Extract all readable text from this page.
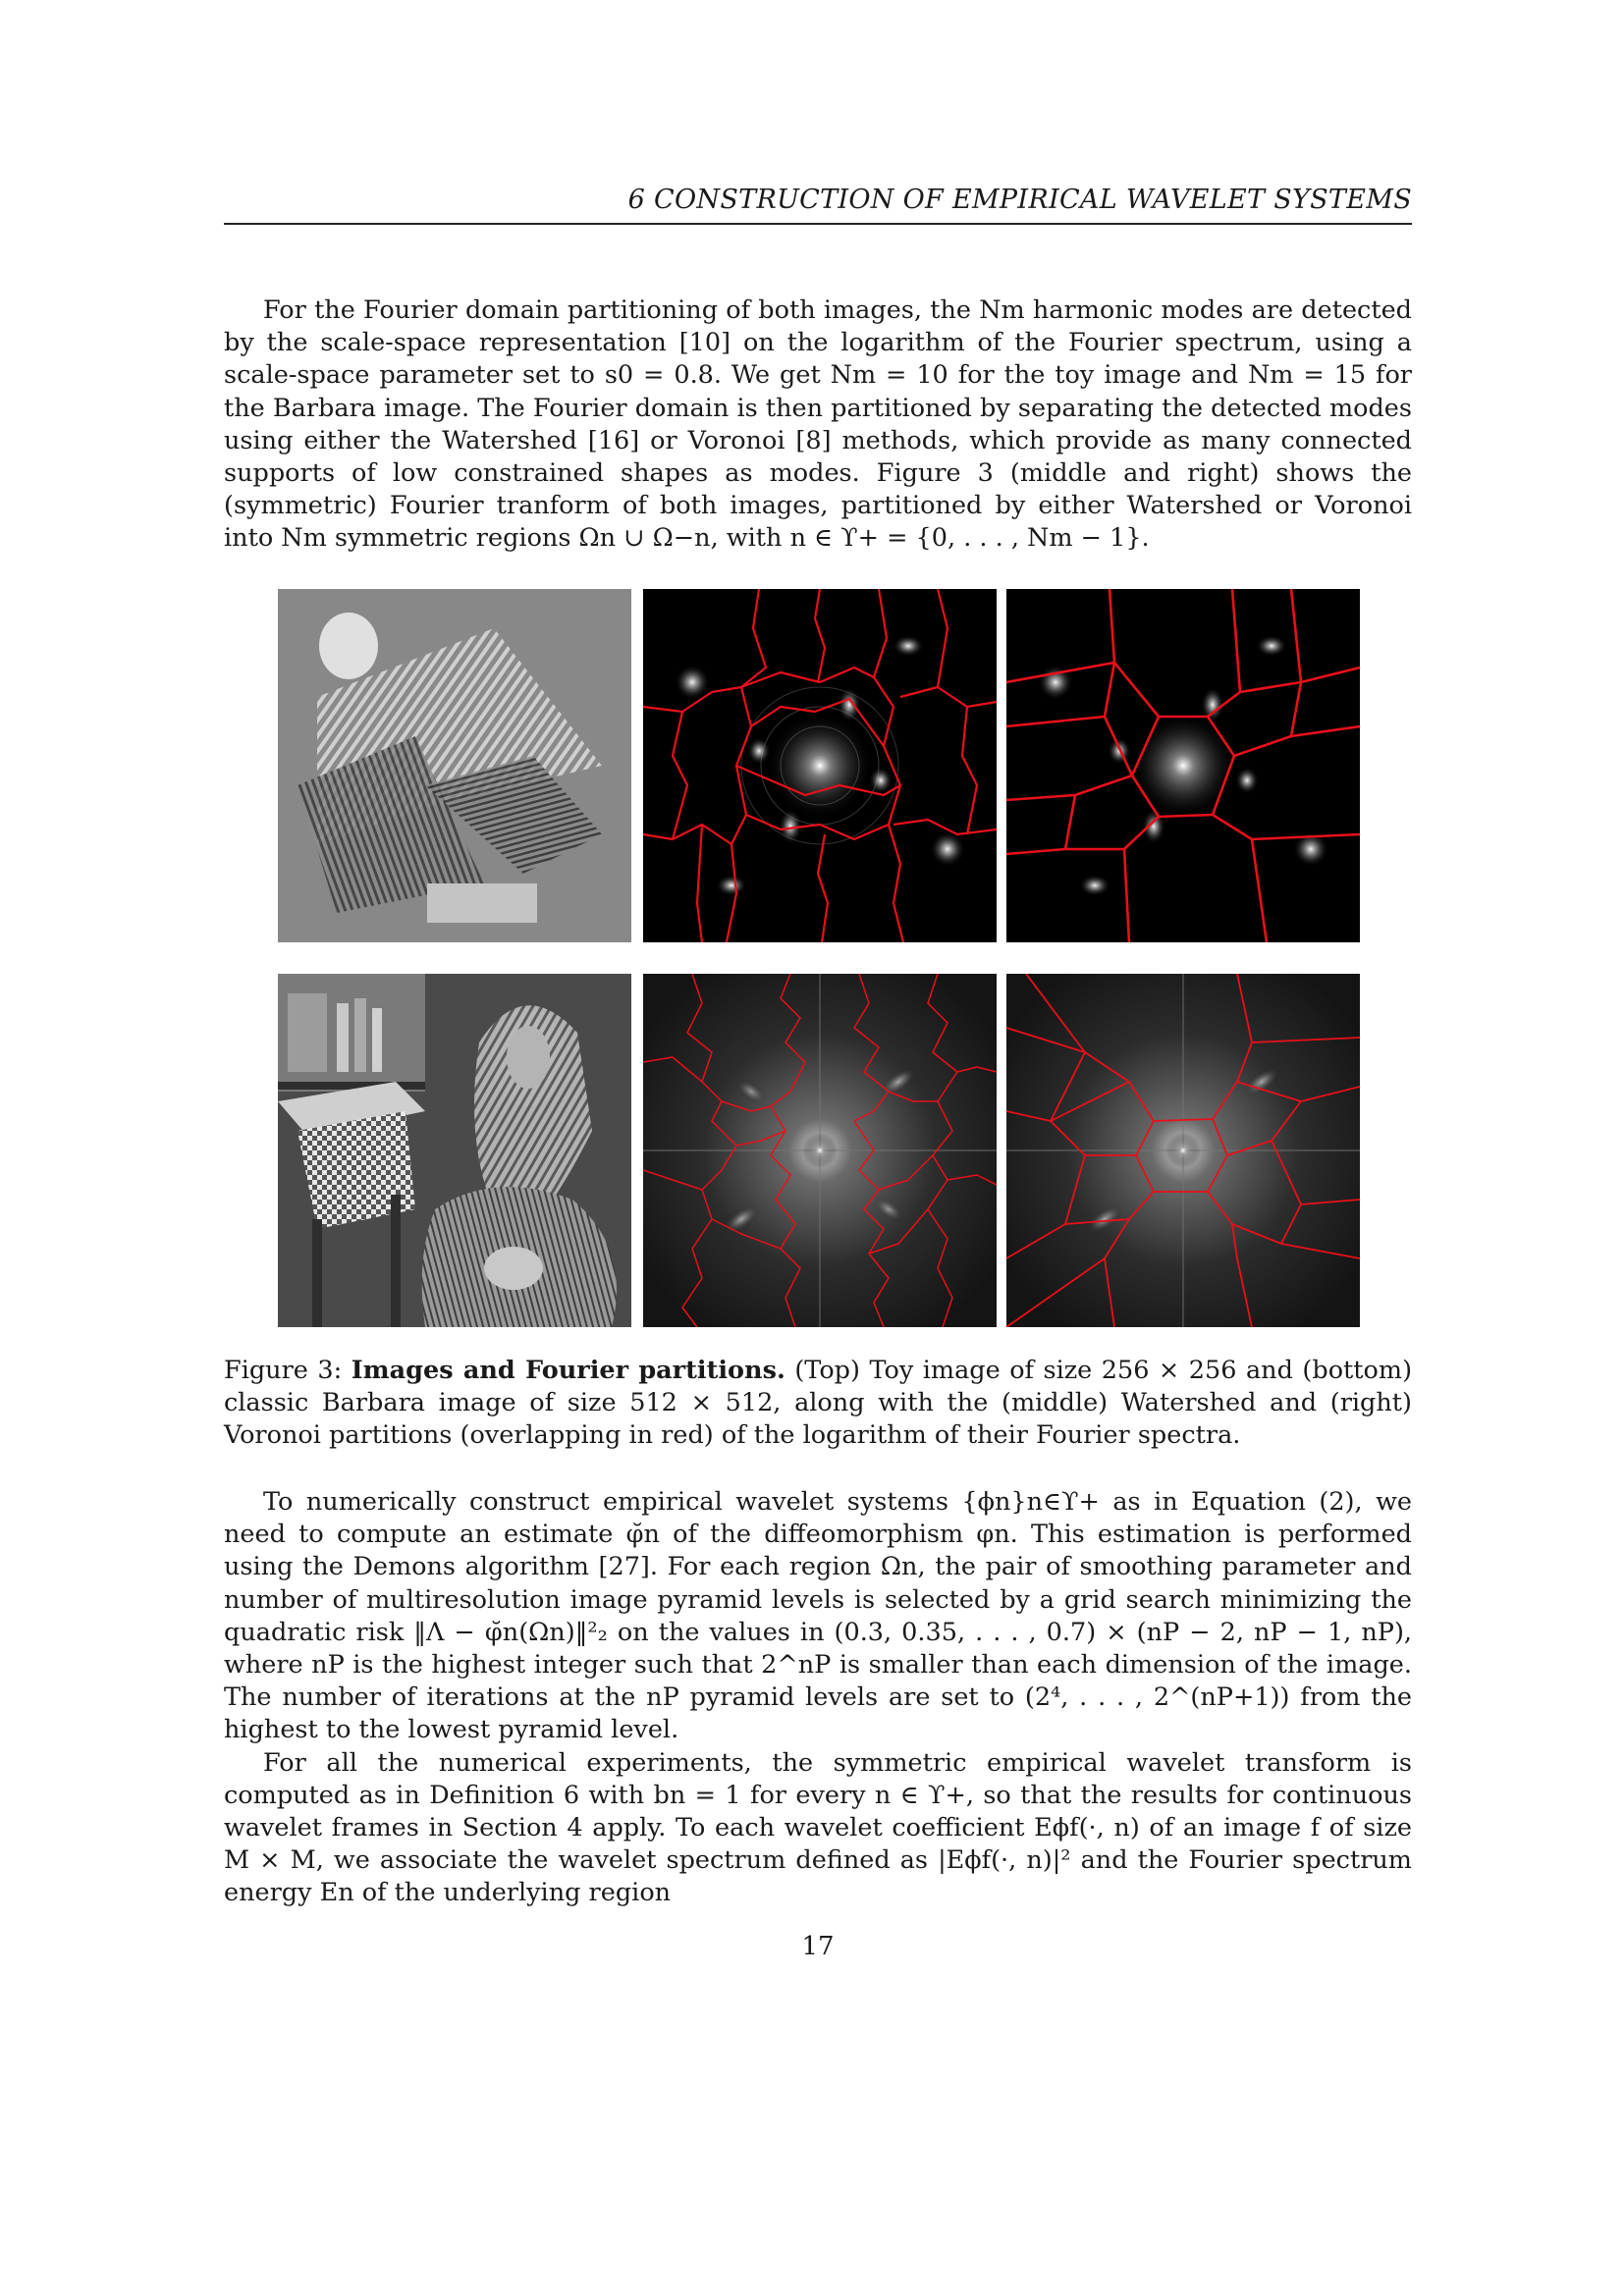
6 CONSTRUCTION OF EMPIRICAL WAVELET SYSTEMS

For the Fourier domain partitioning of both images, the Nm harmonic modes are detected by the scale-space representation [10] on the logarithm of the Fourier spectrum, using a scale-space parameter set to s0 = 0.8. We get Nm = 10 for the toy image and Nm = 15 for the Barbara image. The Fourier domain is then partitioned by separating the detected modes using either the Watershed [16] or Voronoi [8] methods, which provide as many connected supports of low constrained shapes as modes. Figure 3 (middle and right) shows the (symmetric) Fourier tranform of both images, partitioned by either Watershed or Voronoi into Nm symmetric regions Ωn ∪ Ω−n, with n ∈ ϒ+ = {0, . . . , Nm − 1}.

Figure 3: Images and Fourier partitions. (Top) Toy image of size 256 × 256 and (bottom) classic Barbara image of size 512 × 512, along with the (middle) Watershed and (right) Voronoi partitions (overlapping in red) of the logarithm of their Fourier spectra.

To numerically construct empirical wavelet systems {ϕn}n∈ϒ+ as in Equation (2), we need to compute an estimate φ̆n of the diffeomorphism φn. This estimation is performed using the Demons algorithm [27]. For each region Ωn, the pair of smoothing parameter and number of multiresolution image pyramid levels is selected by a grid search minimizing the quadratic risk ‖Λ − φ̆n(Ωn)‖²₂ on the values in (0.3, 0.35, . . . , 0.7) × (nP − 2, nP − 1, nP), where nP is the highest integer such that 2^nP is smaller than each dimension of the image. The number of iterations at the nP pyramid levels are set to (2⁴, . . . , 2^(nP+1)) from the highest to the lowest pyramid level.

For all the numerical experiments, the symmetric empirical wavelet transform is computed as in Definition 6 with bn = 1 for every n ∈ ϒ+, so that the results for continuous wavelet frames in Section 4 apply. To each wavelet coefficient Eϕf(·, n) of an image f of size M × M, we associate the wavelet spectrum defined as |Eϕf(·, n)|² and the Fourier spectrum energy En of the underlying region

17
